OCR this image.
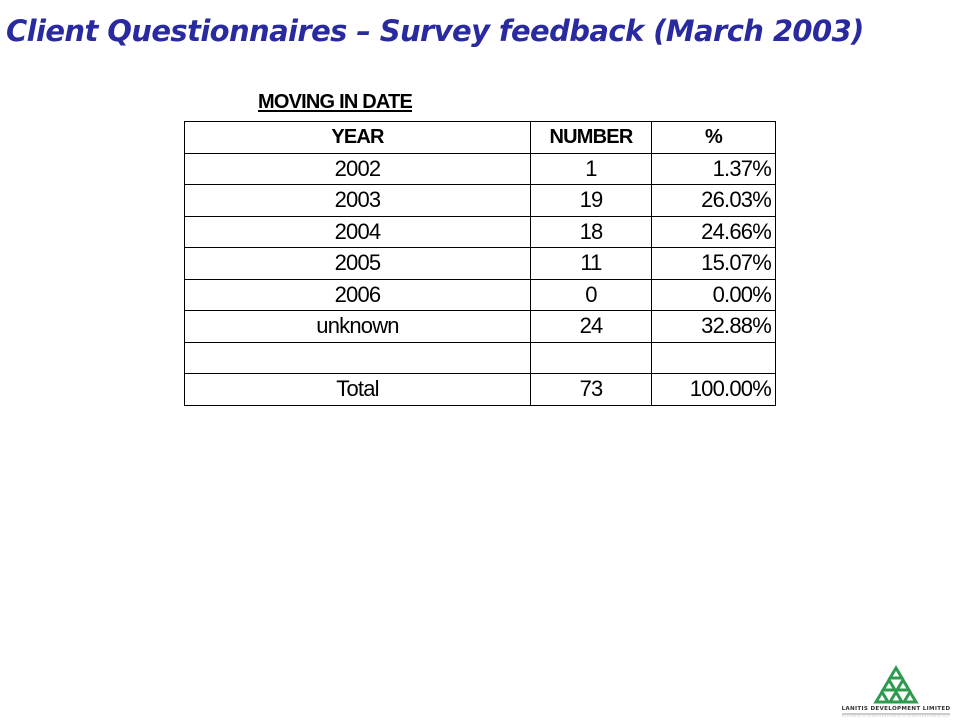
Client Questionnaires – Survey feedback (March 2003)
MOVING IN DATE
YEAR	NUMBER	%
2002	1	1.37%
2003	19	26.03%
2004	18	24.66%
2005	11	15.07%
2006	0	0.00%
unknown	24	32.88%

Total	73	100.00%
LANITIS DEVELOPMENT LIMITED
